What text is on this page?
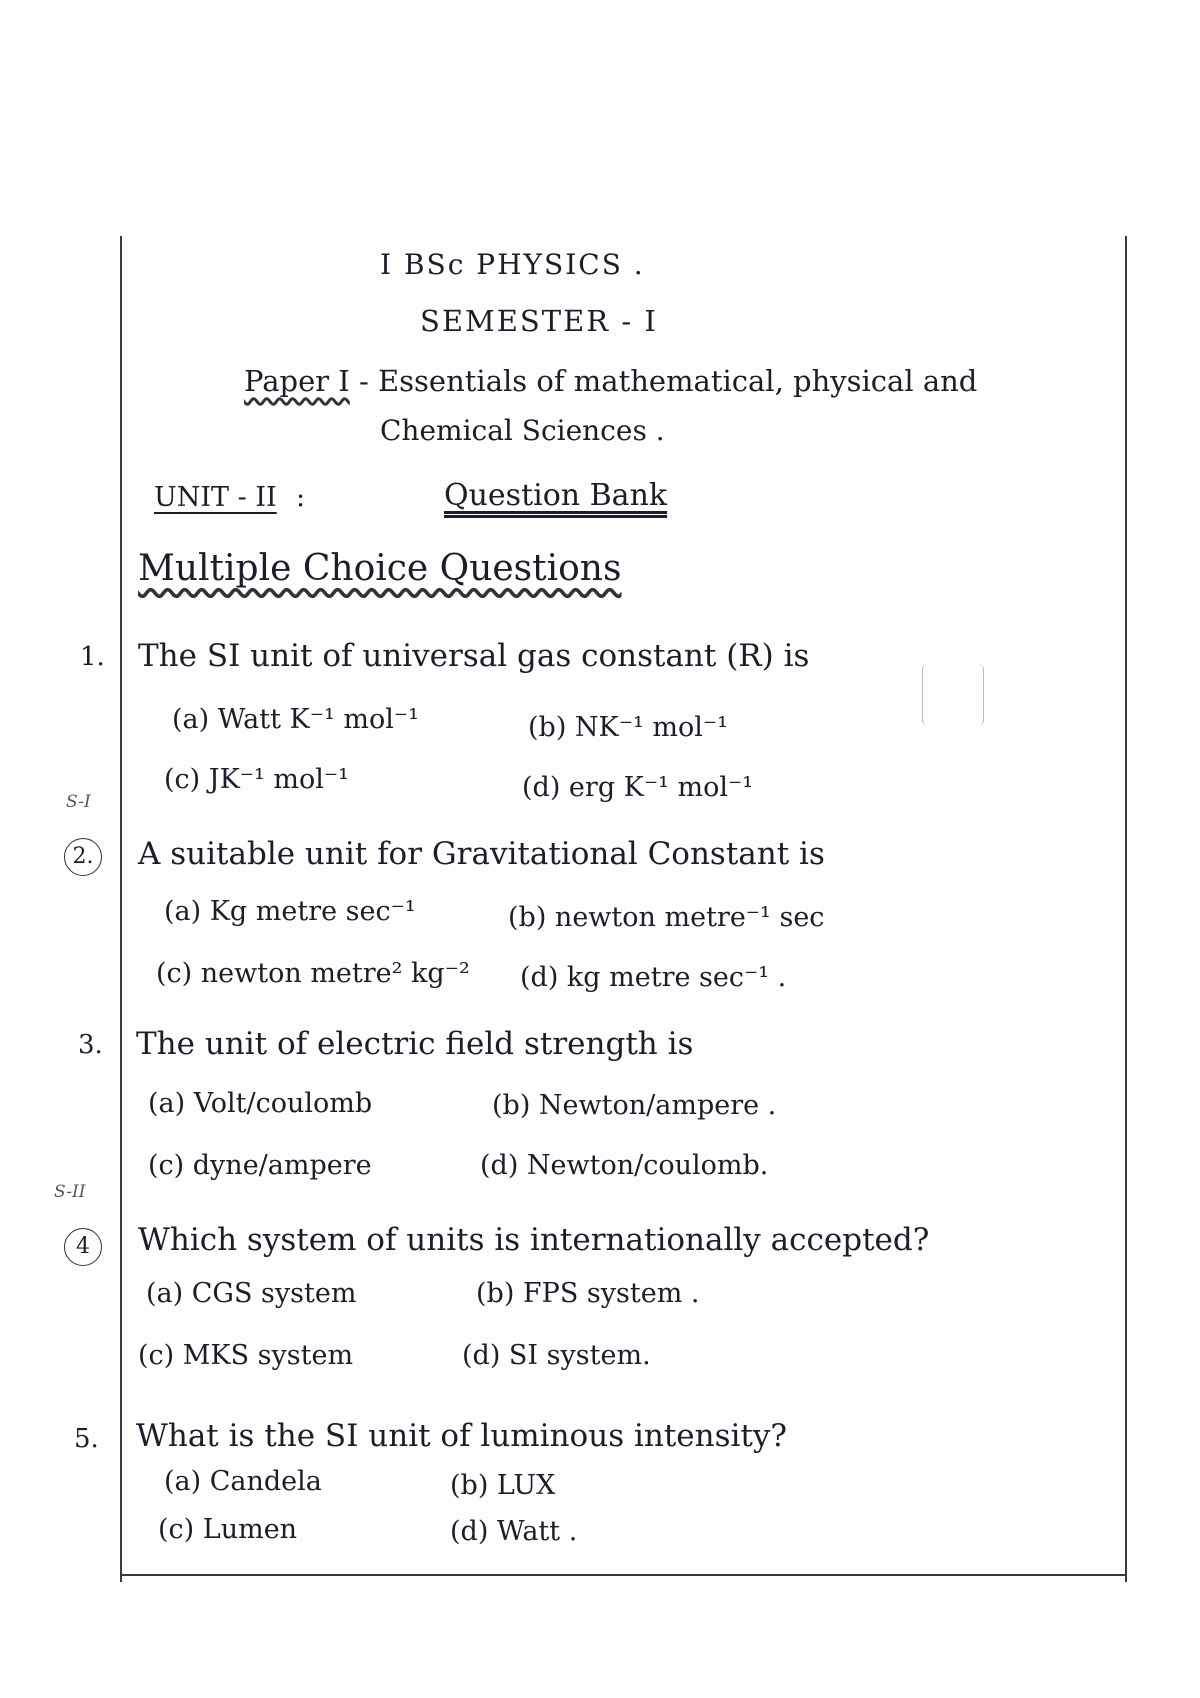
I BSc PHYSICS .
SEMESTER - I
Paper I - Essentials of mathematical, physical and
Chemical Sciences .
UNIT - II :	Question Bank
Multiple Choice Questions
S-I
S-II
1. The SI unit of universal gas constant (R) is
(a) Watt K⁻¹ mol⁻¹	(b) NK⁻¹ mol⁻¹
(c) JK⁻¹ mol⁻¹	(d) erg K⁻¹ mol⁻¹
2. A suitable unit for Gravitational Constant is
(a) Kg metre sec⁻¹	(b) newton metre⁻¹ sec
(c) newton metre² kg⁻² (d) kg metre sec⁻¹ .
3. The unit of electric field strength is
(a) Volt/coulomb	(b) Newton/ampere .
(c) dyne/ampere	(d) Newton/coulomb.
4	Which system of units is internationally accepted?
(a) CGS system	(b) FPS system .
(c) MKS system	(d) SI system.
5. What is the SI unit of luminous intensity?
(a) Candela	(b) LUX
(c) Lumen	(d) Watt .
